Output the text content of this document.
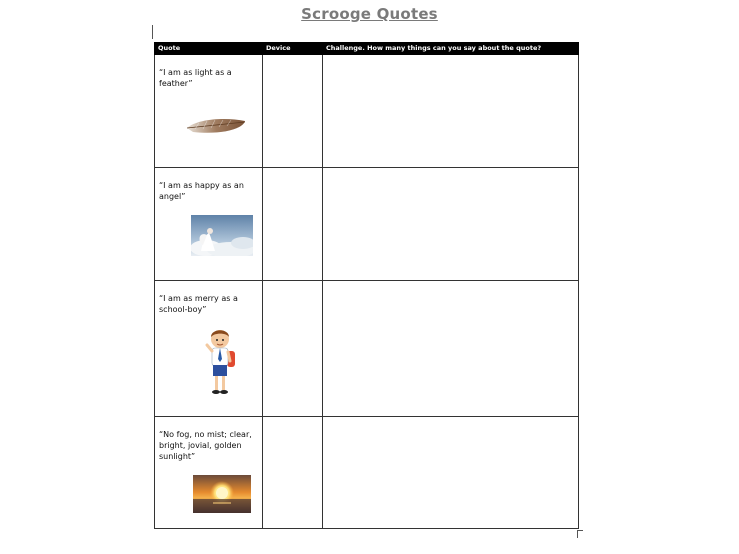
Scrooge Quotes
Quote	Device	Challenge. How many things can you say about the quote?

“I am as light as a feather”		

“I am as happy as an angel”		

“I am as merry as a school-boy”		

“No fog, no mist; clear, bright, jovial, golden sunlight”		
